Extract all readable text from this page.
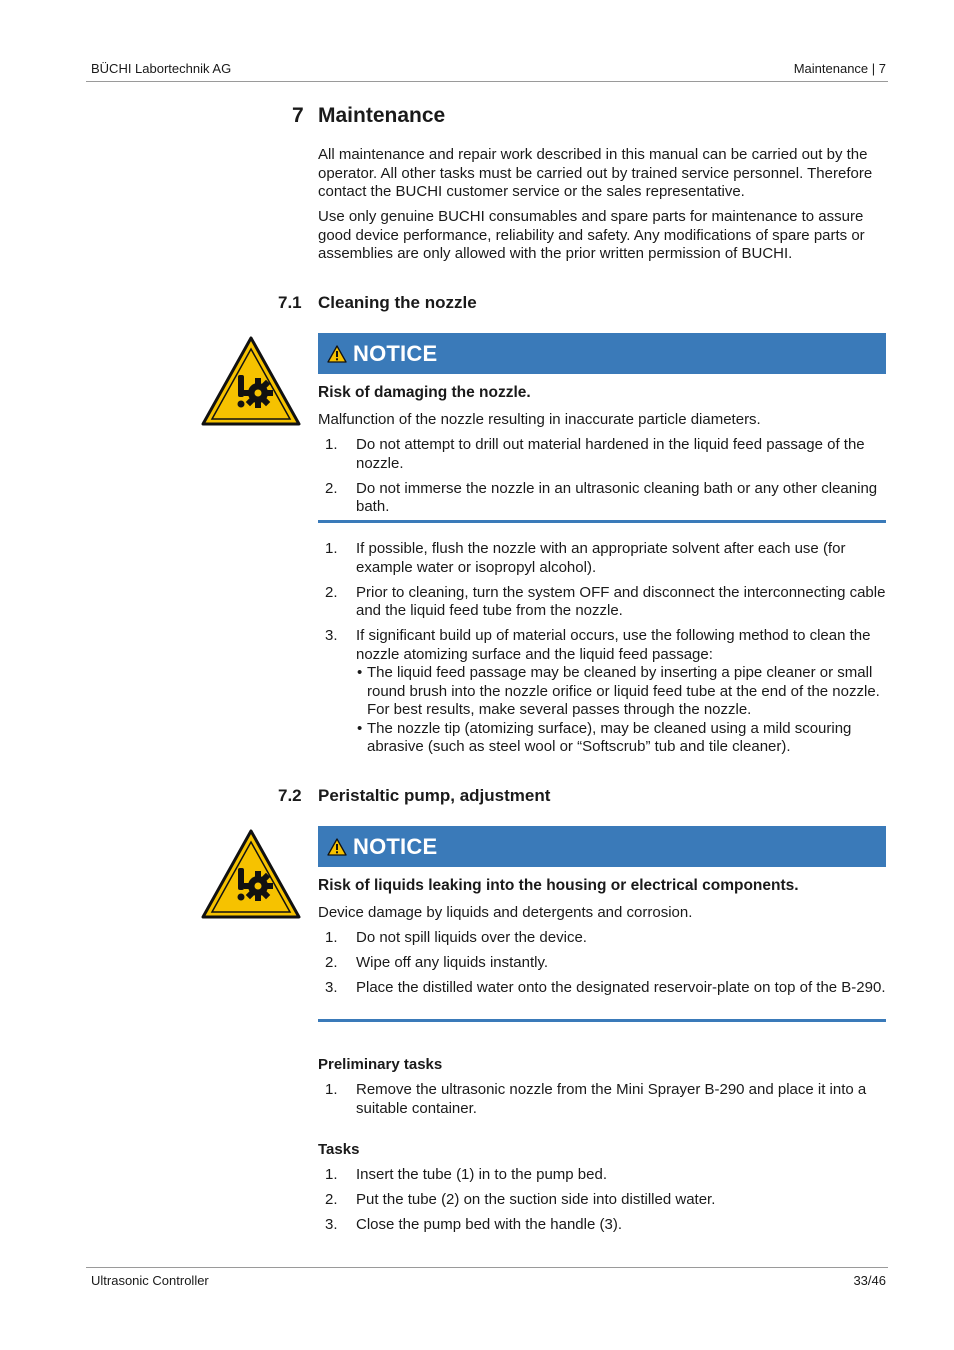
BÜCHI Labortechnik AG	Maintenance | 7
7 Maintenance

All maintenance and repair work described in this manual can be carried out by the operator. All other tasks must be carried out by trained service personnel. Therefore contact the BUCHI customer service or the sales representative.

Use only genuine BUCHI consumables and spare parts for maintenance to assure good device performance, reliability and safety. Any modifications of spare parts or assemblies are only allowed with the prior written permission of BUCHI.

7.1 Cleaning the nozzle
NOTICE
Risk of damaging the nozzle.

Malfunction of the nozzle resulting in inaccurate particle diameters.

1. Do not attempt to drill out material hardened in the liquid feed passage of the nozzle.
2. Do not immerse the nozzle in an ultrasonic cleaning bath or any other cleaning bath.
1. If possible, flush the nozzle with an appropriate solvent after each use (for example water or isopropyl alcohol).
2. Prior to cleaning, turn the system OFF and disconnect the interconnecting cable and the liquid feed tube from the nozzle.
3. If significant build up of material occurs, use the following method to clean the nozzle atomizing surface and the liquid feed passage:
• The liquid feed passage may be cleaned by inserting a pipe cleaner or small round brush into the nozzle orifice or liquid feed tube at the end of the nozzle. For best results, make several passes through the nozzle.
• The nozzle tip (atomizing surface), may be cleaned using a mild scouring abrasive (such as steel wool or “Softscrub” tub and tile cleaner).
7.2 Peristaltic pump, adjustment
NOTICE
Risk of liquids leaking into the housing or electrical components.

Device damage by liquids and detergents and corrosion.

1. Do not spill liquids over the device.
2. Wipe off any liquids instantly.
3. Place the distilled water onto the designated reservoir-plate on top of the B-290.
Preliminary tasks
1. Remove the ultrasonic nozzle from the Mini Sprayer B-290 and place it into a suitable container.
Tasks
1. Insert the tube (1) in to the pump bed.
2. Put the tube (2) on the suction side into distilled water.
3. Close the pump bed with the handle (3).
Ultrasonic Controller	33/46
